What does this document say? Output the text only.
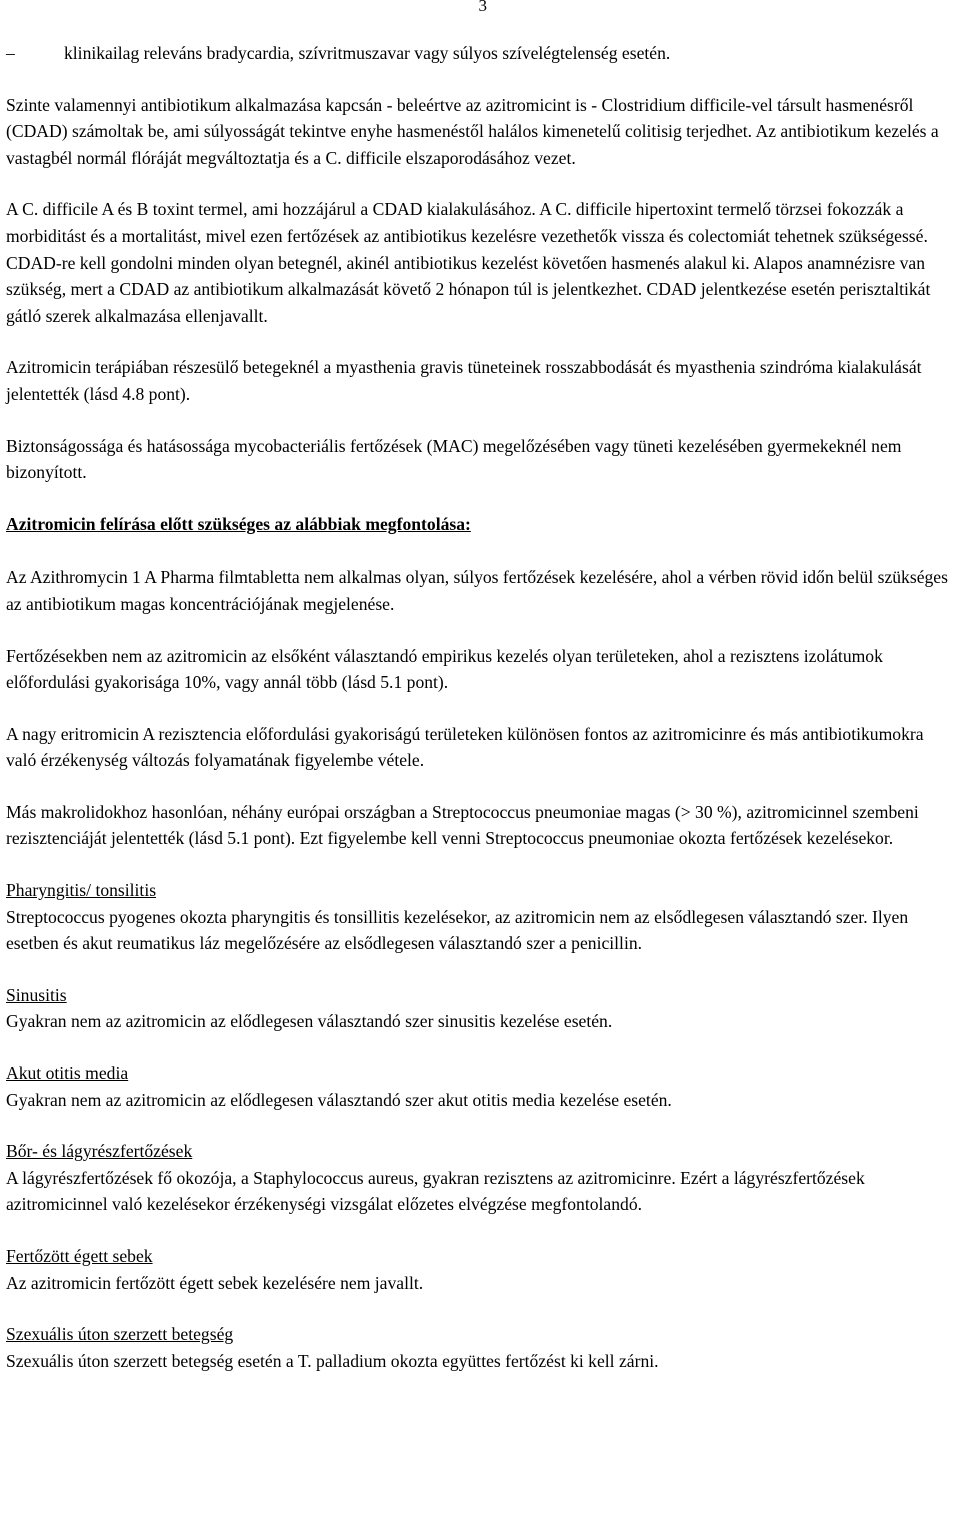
3
–	klinikailag releváns bradycardia, szívritmuszavar vagy súlyos szívelégtelenség esetén.

Szinte valamennyi antibiotikum alkalmazása kapcsán - beleértve az azitromicint is - Clostridium difficile-vel társult hasmenésről (CDAD) számoltak be, ami súlyosságát tekintve enyhe hasmenéstől halálos kimenetelű colitisig terjedhet. Az antibiotikum kezelés a vastagbél normál flóráját megváltoztatja és a C. difficile elszaporodásához vezet.

A C. difficile A és B toxint termel, ami hozzájárul a CDAD kialakulásához. A C. difficile hipertoxint termelő törzsei fokozzák a morbiditást és a mortalitást, mivel ezen fertőzések az antibiotikus kezelésre vezethetők vissza és colectomiát tehetnek szükségessé. CDAD-re kell gondolni minden olyan betegnél, akinél antibiotikus kezelést követően hasmenés alakul ki. Alapos anamnézisre van szükség, mert a CDAD az antibiotikum alkalmazását követő 2 hónapon túl is jelentkezhet. CDAD jelentkezése esetén perisztaltikát gátló szerek alkalmazása ellenjavallt.

Azitromicin terápiában részesülő betegeknél a myasthenia gravis tüneteinek rosszabbodását és myasthenia szindróma kialakulását jelentették (lásd 4.8 pont).

Biztonságossága és hatásossága mycobacteriális fertőzések (MAC) megelőzésében vagy tüneti kezelésében gyermekeknél nem bizonyított.

Azitromicin felírása előtt szükséges az alábbiak megfontolása:

Az Azithromycin 1 A Pharma filmtabletta nem alkalmas olyan, súlyos fertőzések kezelésére, ahol a vérben rövid időn belül szükséges az antibiotikum magas koncentrációjának megjelenése.

Fertőzésekben nem az azitromicin az elsőként választandó empirikus kezelés olyan területeken, ahol a rezisztens izolátumok előfordulási gyakorisága 10%, vagy annál több (lásd 5.1 pont).

A nagy eritromicin A rezisztencia előfordulási gyakoriságú területeken különösen fontos az azitromicinre és más antibiotikumokra való érzékenység változás folyamatának figyelembe vétele.

Más makrolidokhoz hasonlóan, néhány európai országban a Streptococcus pneumoniae magas (> 30 %), azitromicinnel szembeni rezisztenciáját jelentették (lásd 5.1 pont). Ezt figyelembe kell venni Streptococcus pneumoniae okozta fertőzések kezelésekor.

Pharyngitis/ tonsilitis

Streptococcus pyogenes okozta pharyngitis és tonsillitis kezelésekor, az azitromicin nem az elsődlegesen választandó szer. Ilyen esetben és akut reumatikus láz megelőzésére az elsődlegesen választandó szer a penicillin.

Sinusitis

Gyakran nem az azitromicin az elődlegesen választandó szer sinusitis kezelése esetén.

Akut otitis media

Gyakran nem az azitromicin az elődlegesen választandó szer akut otitis media kezelése esetén.

Bőr- és lágyrészfertőzések

A lágyrészfertőzések fő okozója, a Staphylococcus aureus, gyakran rezisztens az azitromicinre. Ezért a lágyrészfertőzések azitromicinnel való kezelésekor érzékenységi vizsgálat előzetes elvégzése megfontolandó.

Fertőzött égett sebek

Az azitromicin fertőzött égett sebek kezelésére nem javallt.

Szexuális úton szerzett betegség

Szexuális úton szerzett betegség esetén a T. palladium okozta együttes fertőzést ki kell zárni.
